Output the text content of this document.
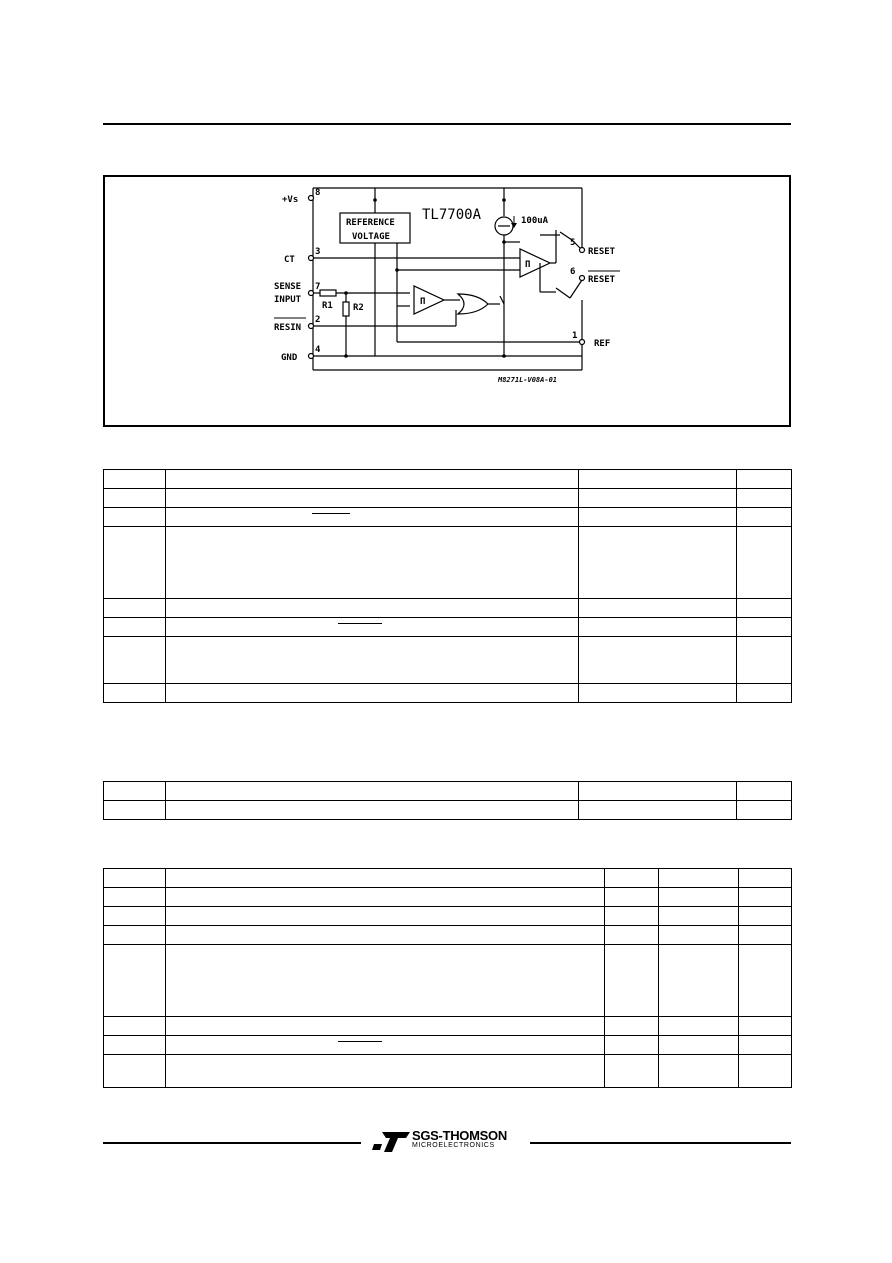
TL7700A
REFERENCE
VOLTAGE
100uA
+Vs
CT
SENSE
INPUT
RESIN
GND
RESET
RESET
REF
8
3
7
2
4
5
6
1
R1 R2
Π
Π
M8271L-V08A-01

SGS-THOMSON
MICROELECTRONICS
